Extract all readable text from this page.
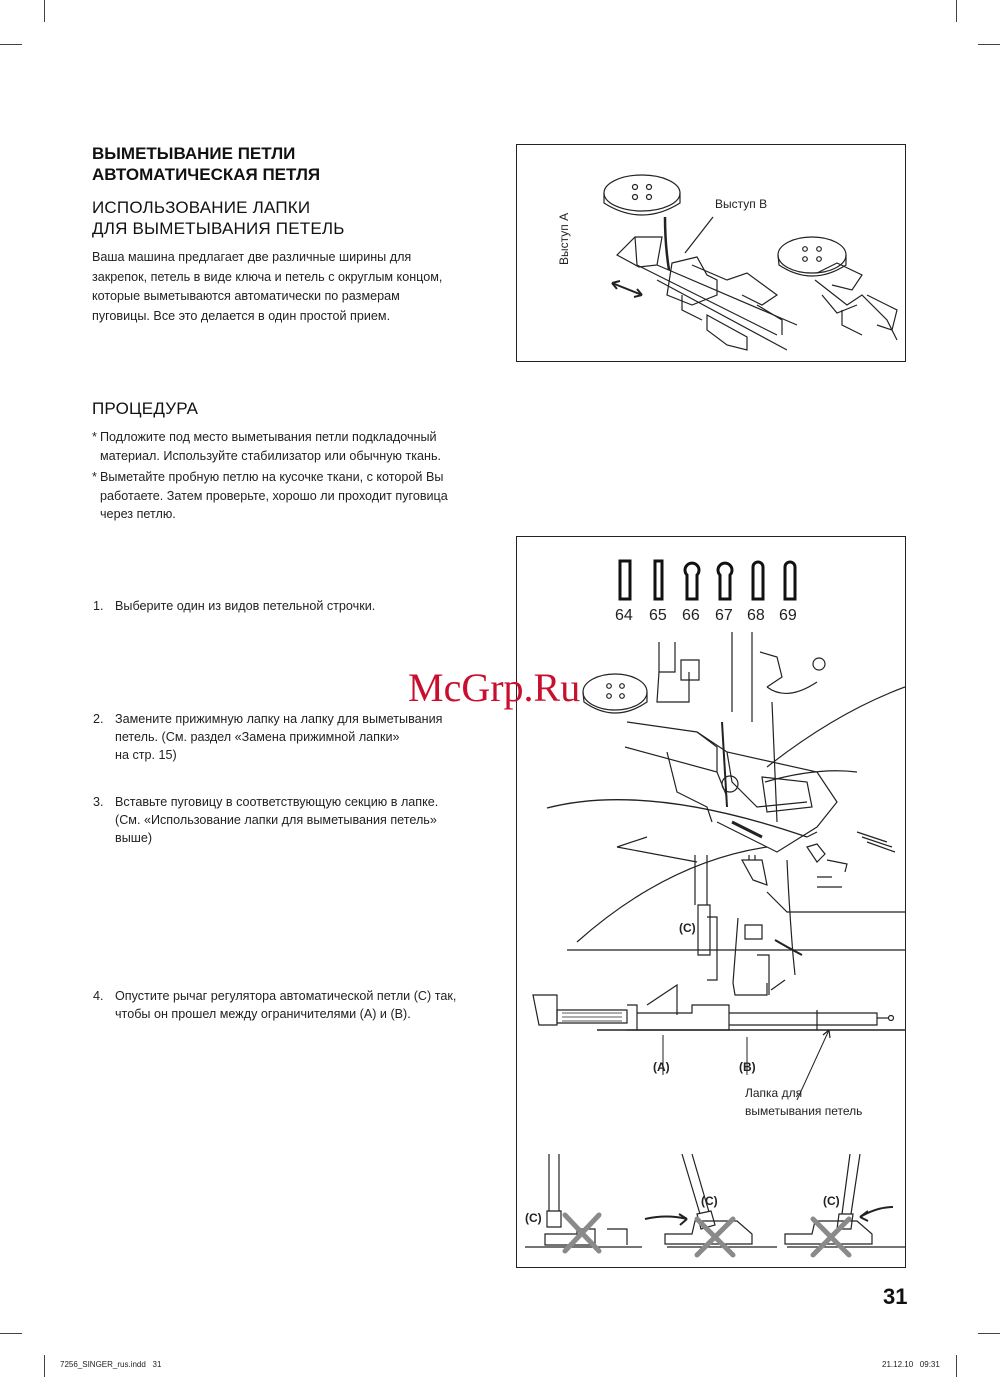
ВЫМЕТЫВАНИЕ ПЕТЛИ
АВТОМАТИЧЕСКАЯ ПЕТЛЯ
ИСПОЛЬЗОВАНИЕ ЛАПКИ
ДЛЯ ВЫМЕТЫВАНИЯ ПЕТЕЛЬ
Ваша машина предлагает две различные ширины для
закрепок, петель в виде ключа и петель с округлым концом,
которые выметываются автоматически по размерам
пуговицы. Все это делается в один простой прием.
Выступ А
Выступ В
ПРОЦЕДУРА
* Подложите под место выметывания петли подкладочный
материал. Используйте стабилизатор или обычную ткань.
* Выметайте пробную петлю на кусочке ткани, с которой Вы
работаете. Затем проверьте, хорошо ли проходит пуговица
через петлю.
1. Выберите один из видов петельной строчки.
2. Замените прижимную лапку на лапку для выметывания
петель. (См. раздел «Замена прижимной лапки»
на стр. 15)
3. Вставьте пуговицу в соответствующую секцию в лапке.
(См. «Использование лапки для выметывания петель»
выше)
4. Опустите рычаг регулятора автоматической петли (С) так,
чтобы он прошел между ограничителями (А) и (В).
64 65 66 67 68 69
(C)
(A)	(B)
Лапка для
выметывания петель
(C)
(C)	(C)
McGrp.Ru
31
7256_SINGER_rus.indd   31	21.12.10   09:31
